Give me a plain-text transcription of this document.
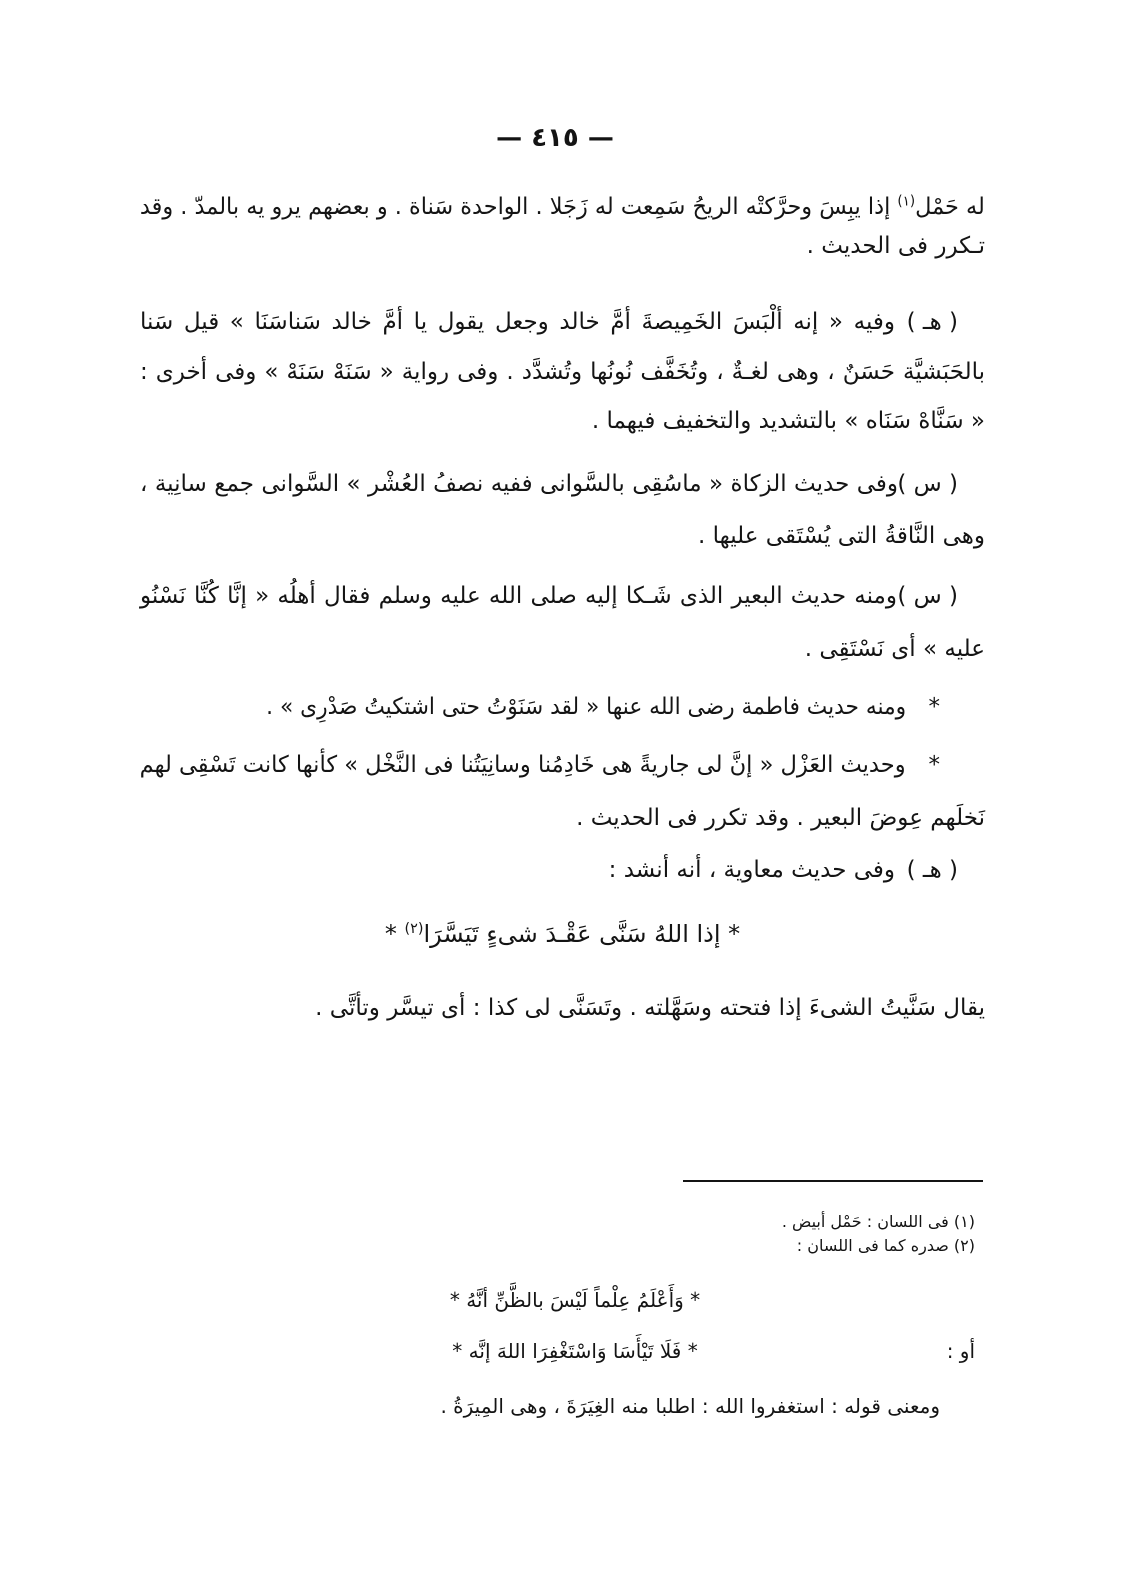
— ٤١٥ —
له حَمْل$^{(١)}$ إذا يبِسَ وحرَّكتْه الريحُ سَمِعت له زَجَلا . الواحدة سَناة . و بعضهم يرو يه بالمدّ . وقد
تـكرر فى الحديث .
( هـ )
وفيه « إنه ألْبَسَ الخَمِيصةَ أمَّ خالد وجعل يقول يا أمَّ خالد سَناسَنَا » قيل سَنا
بالحَبَشيَّة حَسَنٌ ، وهى لغـةٌ ، وتُخَفَّف نُونُها وتُشدَّد . وفى رواية « سَنَهْ سَنَهْ » وفى أخرى :
« سَنَّاهْ سَنَاه » بالتشديد والتخفيف فيهما .
( س )
وفى حديث الزكاة « ماسُقِى بالسَّوانى ففيه نصفُ العُشْر » السَّوانى جمع سانِية ،
وهى النَّاقةُ التى يُسْتَقى عليها .
( س )
ومنه حديث البعير الذى شَـكا إليه صلى الله عليه وسلم فقال أهلُه « إنَّا كُنَّا نَسْنُو
عليه » أى نَسْتَقِى .
*
ومنه حديث فاطمة رضى الله عنها « لقد سَنَوْتُ حتى اشتكيتُ صَدْرِى » .
*
وحديث العَزْل « إنَّ لى جاريةً هى خَادِمُنا وسانِيَتُنا فى النَّخْل » كأنها كانت تَسْقِى لهم
نَخلَهم عِوضَ البعير . وقد تكرر فى الحديث .
( هـ )
وفى حديث معاوية ، أنه أنشد :
* إذا اللهُ سَنَّى عَقْـدَ شىءٍ تَيَسَّرَا$^{(٢)}$ *
يقال سَنَّيتُ الشىءَ إذا فتحته وسَهَّلته . وتَسَنَّى لى كذا : أى تيسَّر وتأتَّى .
(١) فى اللسان : حَمْل أبيض .
(٢) صدره كما فى اللسان :
* وَأَعْلَمُ عِلْماً لَيْسَ بالظَّنِّ أنَّهُ *
أو :
* فَلَا تَيْأَسَا وَاسْتَغْفِرَا اللهَ إنَّه *
ومعنى قوله : استغفروا الله : اطلبا منه الغِيَرَةَ ، وهى المِيرَةُ .
